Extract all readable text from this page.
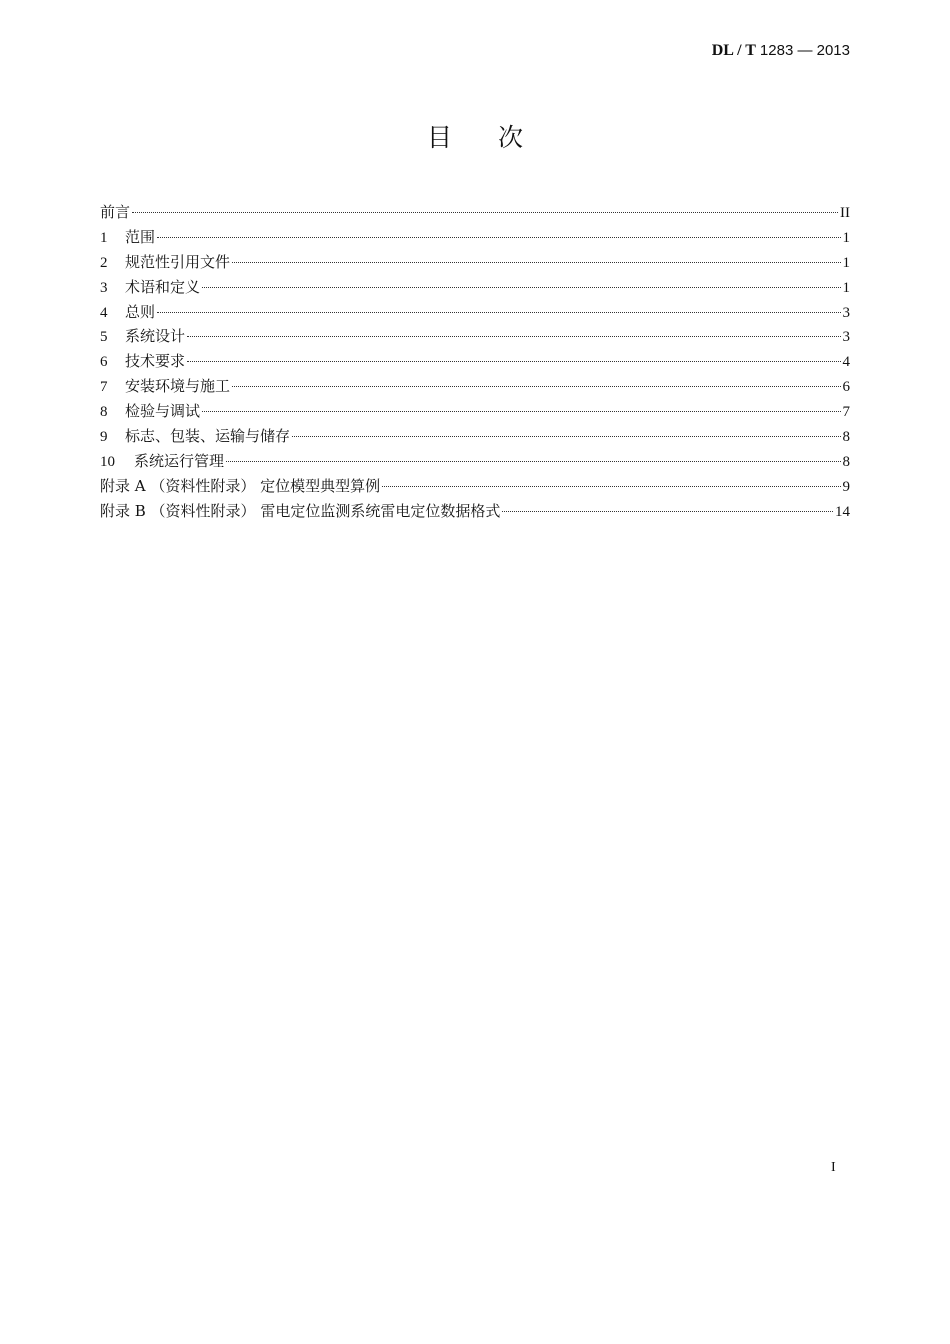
DL / T 1283 — 2013
目次
前言	II
1	范围	1
2	规范性引用文件	1
3	术语和定义	1
4	总则	3
5	系统设计	3
6	技术要求	4
7	安装环境与施工	6
8	检验与调试	7
9	标志、包装、运输与储存	8
10	系统运行管理	8
附录 A （资料性附录） 定位模型典型算例	9
附录 B （资料性附录） 雷电定位监测系统雷电定位数据格式	14
I
